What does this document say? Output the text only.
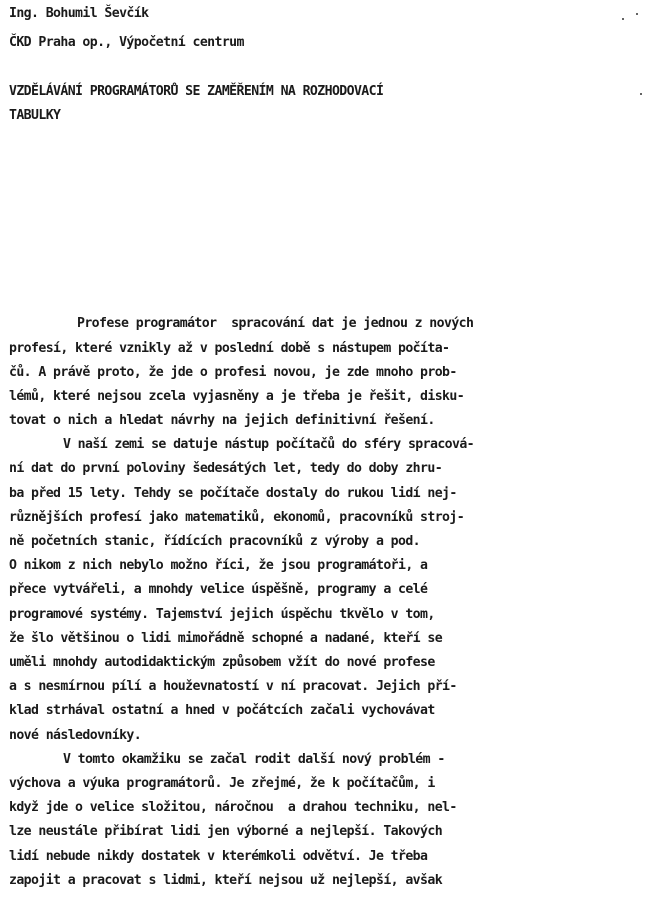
Ing. Bohumil Ševčík
ČKD Praha op., Výpočetní centrum
VZDĚLÁVÁNÍ PROGRAMÁTORŮ SE ZAMĚŘENÍM NA ROZHODOVACÍ
TABULKY
Profese programátor  spracování dat je jednou z nových
profesí, které vznikly až v poslední době s nástupem počíta-
čů. A právě proto, že jde o profesi novou, je zde mnoho prob-
lémů, které nejsou zcela vyjasněny a je třeba je řešit, disku-
tovat o nich a hledat návrhy na jejich definitivní řešení.
V naší zemi se datuje nástup počítačů do sféry spracová-
ní dat do první poloviny šedesátých let, tedy do doby zhru-
ba před 15 lety. Tehdy se počítače dostaly do rukou lidí nej-
různějších profesí jako matematiků, ekonomů, pracovníků stroj-
ně početních stanic, řídících pracovníků z výroby a pod.
O nikom z nich nebylo možno říci, že jsou programátoři, a
přece vytvářeli, a mnohdy velice úspěšně, programy a celé
programové systémy. Tajemství jejich úspěchu tkvělo v tom,
že šlo většinou o lidi mimořádně schopné a nadané, kteří se
uměli mnohdy autodidaktickým způsobem vžít do nové profese
a s nesmírnou pílí a houževnatostí v ní pracovat. Jejich pří-
klad strhával ostatní a hned v počátcích začali vychovávat
nové následovníky.
V tomto okamžiku se začal rodit další nový problém -
výchova a výuka programátorů. Je zřejmé, že k počítačům, i
když jde o velice složitou, náročnou  a drahou techniku, nel-
lze neustále přibírat lidi jen výborné a nejlepší. Takových
lidí nebude nikdy dostatek v kterémkoli odvětví. Je třeba
zapojit a pracovat s lidmi, kteří nejsou už nejlepší, avšak
